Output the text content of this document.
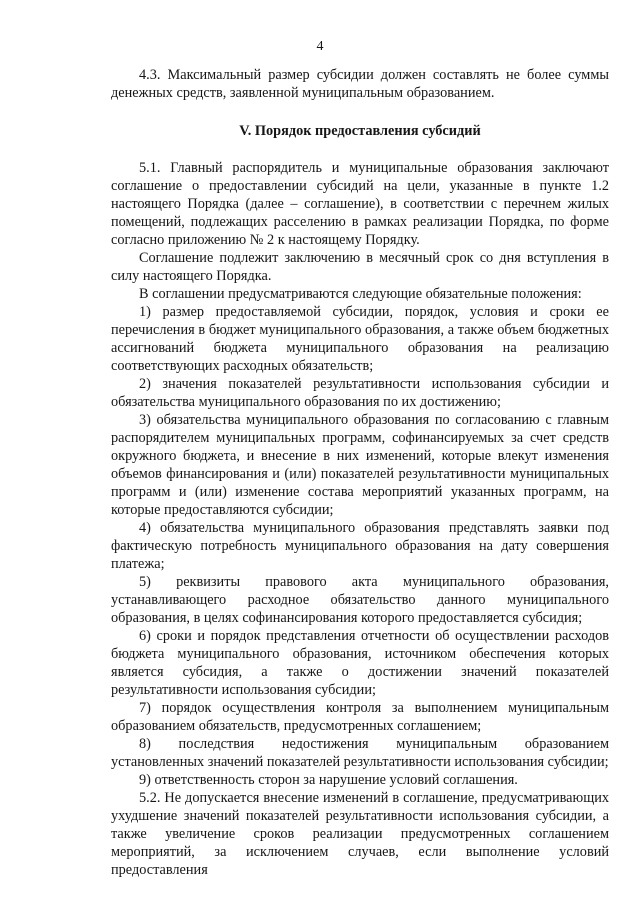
4

4.3. Максимальный размер субсидии должен составлять не более суммы денежных средств, заявленной муниципальным образованием.

V. Порядок предоставления субсидий

5.1. Главный распорядитель и муниципальные образования заключают соглашение о предоставлении субсидий на цели, указанные в пункте 1.2 настоящего Порядка (далее – соглашение), в соответствии с перечнем жилых помещений, подлежащих расселению в рамках реализации Порядка, по форме согласно приложению № 2 к настоящему Порядку.

Соглашение подлежит заключению в месячный срок со дня вступления в силу настоящего Порядка.

В соглашении предусматриваются следующие обязательные положения:

1) размер предоставляемой субсидии, порядок, условия и сроки ее перечисления в бюджет муниципального образования, а также объем бюджетных ассигнований бюджета муниципального образования на реализацию соответствующих расходных обязательств;

2) значения показателей результативности использования субсидии и обязательства муниципального образования по их достижению;

3) обязательства муниципального образования по согласованию с главным распорядителем муниципальных программ, софинансируемых за счет средств окружного бюджета, и внесение в них изменений, которые влекут изменения объемов финансирования и (или) показателей результативности муниципальных программ и (или) изменение состава мероприятий указанных программ, на которые предоставляются субсидии;

4) обязательства муниципального образования представлять заявки под фактическую потребность муниципального образования на дату совершения платежа;

5) реквизиты правового акта муниципального образования, устанавливающего расходное обязательство данного муниципального образования, в целях софинансирования которого предоставляется субсидия;

6) сроки и порядок представления отчетности об осуществлении расходов бюджета муниципального образования, источником обеспечения которых является субсидия, а также о достижении значений показателей результативности использования субсидии;

7) порядок осуществления контроля за выполнением муниципальным образованием обязательств, предусмотренных соглашением;

8) последствия недостижения муниципальным образованием установленных значений показателей результативности использования субсидии;

9) ответственность сторон за нарушение условий соглашения.

5.2. Не допускается внесение изменений в соглашение, предусматривающих ухудшение значений показателей результативности использования субсидии, а также увеличение сроков реализации предусмотренных соглашением мероприятий, за исключением случаев, если выполнение условий предоставления
